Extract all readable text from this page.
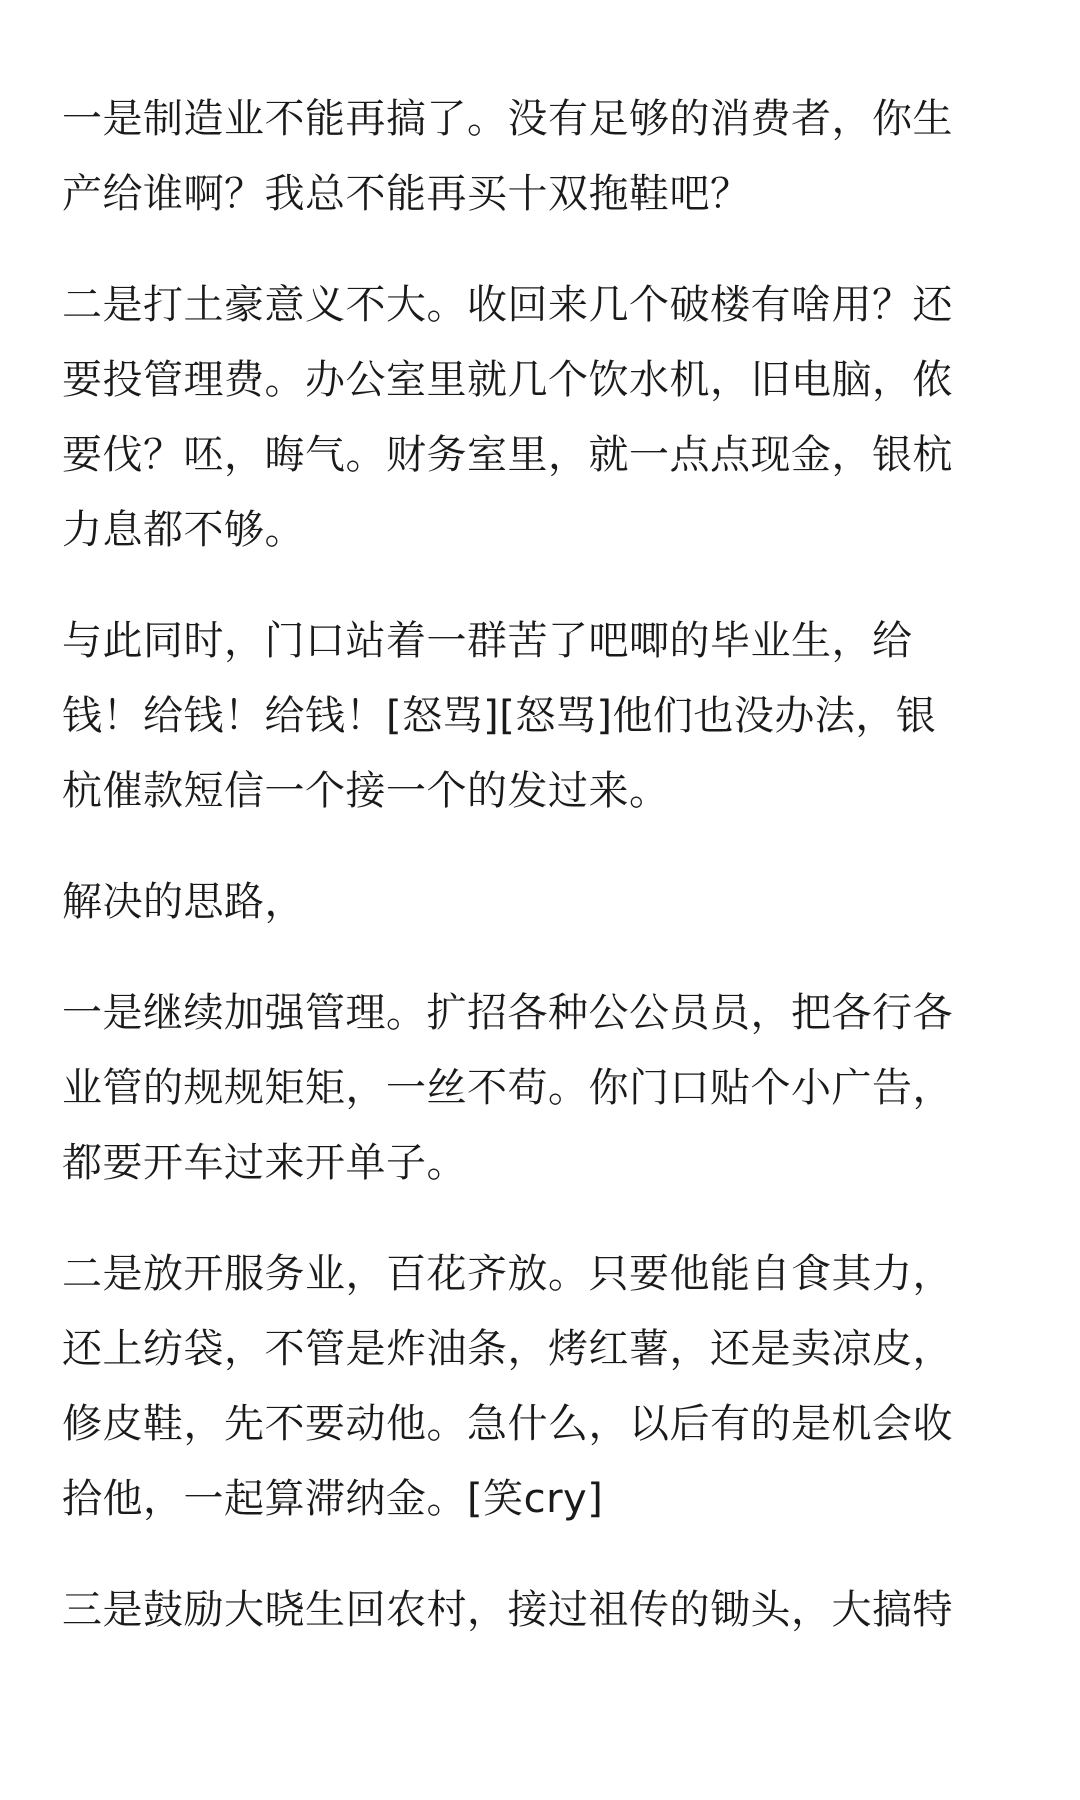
一是制造业不能再搞了。没有足够的消费者，你生
产给谁啊？我总不能再买十双拖鞋吧？

二是打土豪意义不大。收回来几个破楼有啥用？还
要投管理费。办公室里就几个饮水机，旧电脑，侬
要伐？呸，晦气。财务室里，就一点点现金，银杭
力息都不够。

与此同时，门口站着一群苦了吧唧的毕业生，给
钱！给钱！给钱！[怒骂][怒骂]他们也没办法，银
杭催款短信一个接一个的发过来。

解决的思路，

一是继续加强管理。扩招各种公公员员，把各行各
业管的规规矩矩，一丝不苟。你门口贴个小广告，
都要开车过来开单子。

二是放开服务业，百花齐放。只要他能自食其力，
还上纺袋，不管是炸油条，烤红薯，还是卖凉皮，
修皮鞋，先不要动他。急什么，以后有的是机会收
拾他，一起算滞纳金。[笑cry]

三是鼓励大晓生回农村，接过祖传的锄头，大搞特
